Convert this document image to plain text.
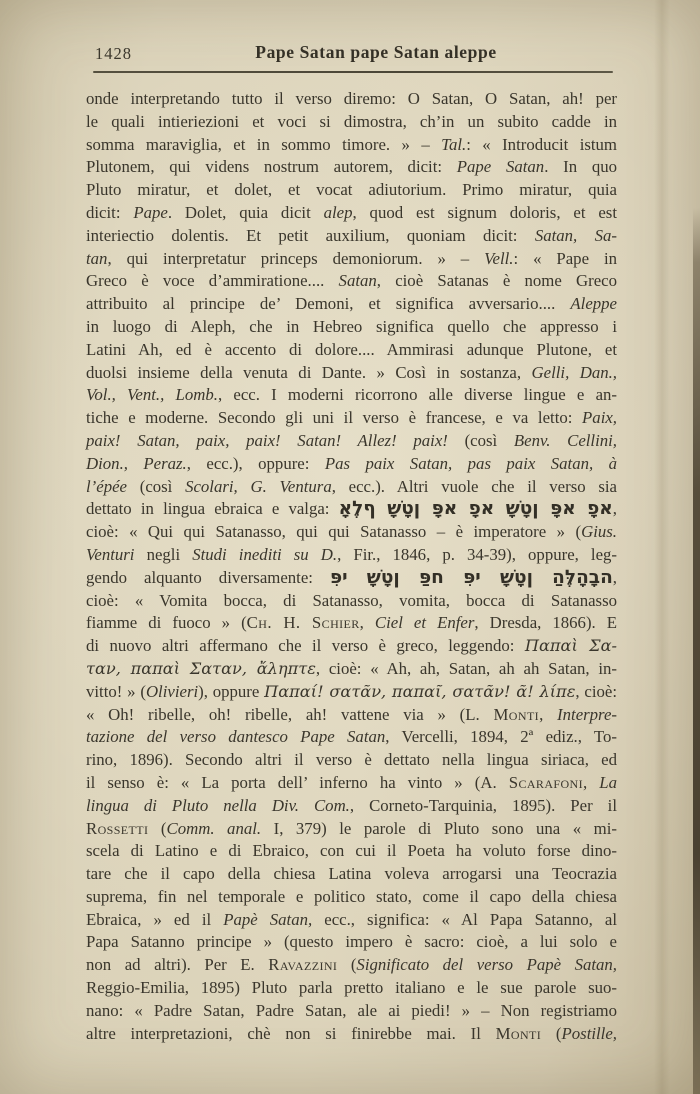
1428	Pape Satan pape Satan aleppe
onde interpretando tutto il verso diremo: O Satan, O Satan, ah! per
le quali intieriezioni et voci si dimostra, ch’in un subito cadde in
somma maraviglia, et in sommo timore. » – Tal.: « Introducit istum
Plutonem, qui videns nostrum autorem, dicit: Pape Satan. In quo
Pluto miratur, et dolet, et vocat adiutorium. Primo miratur, quia
dicit: Pape. Dolet, quia dicit alep, quod est signum doloris, et est
interiectio dolentis. Et petit auxilium, quoniam dicit: Satan, Sa-
tan, qui interpretatur princeps demoniorum. » – Vell.: « Pape in
Greco è voce d’ammiratione.... Satan, cioè Satanas è nome Greco
attribuito al principe de’ Demoni, et significa avversario.... Aleppe
in luogo di Aleph, che in Hebreo significa quello che appresso i
Latini Ah, ed è accento di dolore.... Ammirasi adunque Plutone, et
duolsi insieme della venuta di Dante. » Così in sostanza, Gelli, Dan.,
Vol., Vent., Lomb., ecc. I moderni ricorrono alle diverse lingue e an-
tiche e moderne. Secondo gli uni il verso è francese, e va letto: Paix,
paix! Satan, paix, paix! Satan! Allez! paix! (così Benv. Cellini,
Dion., Peraz., ecc.), oppure: Pas paix Satan, pas paix Satan, à
l’épée (così Scolari, G. Ventura, ecc.). Altri vuole che il verso sia
dettato in lingua ebraica e valga: אָלֶף שָׁטָן פָּא פָא שָׁטָן פָּא פָא,
cioè: « Qui qui Satanasso, qui qui Satanasso – è imperatore » (Gius.
Venturi negli Studi inediti su D., Fir., 1846, p. 34-39), oppure, leg-
gendo alquanto diversamente: פִּי שָׁטָן פַּח פִּי שָׁטָן הַלֶּהָבָה,
cioè: « Vomita bocca, di Satanasso, vomita, bocca di Satanasso
fiamme di fuoco » (Ch. H. Schier, Ciel et Enfer, Dresda, 1866). E
di nuovo altri affermano che il verso è greco, leggendo: Παπαὶ Σα-
ταν, παπαὶ Σαταν, ἄληπτε, cioè: « Ah, ah, Satan, ah ah Satan, in-
vitto! » (Olivieri), oppure Παπαί! σατᾶν, παπαῖ, σατᾶν! ᾶ! λίπε, cioè:
« Oh! ribelle, oh! ribelle, ah! vattene via » (L. Monti, Interpre-
tazione del verso dantesco Pape Satan, Vercelli, 1894, 2ª ediz., To-
rino, 1896). Secondo altri il verso è dettato nella lingua siriaca, ed
il senso è: « La porta dell’ inferno ha vinto » (A. Scarafoni, La
lingua di Pluto nella Div. Com., Corneto-Tarquinia, 1895). Per il
Rossetti (Comm. anal. I, 379) le parole di Pluto sono una « mi-
scela di Latino e di Ebraico, con cui il Poeta ha voluto forse dino-
tare che il capo della chiesa Latina voleva arrogarsi una Teocrazia
suprema, fin nel temporale e politico stato, come il capo della chiesa
Ebraica, » ed il Papè Satan, ecc., significa: « Al Papa Satanno, al
Papa Satanno principe » (questo impero è sacro: cioè, a lui solo e
non ad altri). Per E. Ravazzini (Significato del verso Papè Satan,
Reggio-Emilia, 1895) Pluto parla pretto italiano e le sue parole suo-
nano: « Padre Satan, Padre Satan, ale ai piedi! » – Non registriamo
altre interpretazioni, chè non si finirebbe mai. Il Monti (Postille,
